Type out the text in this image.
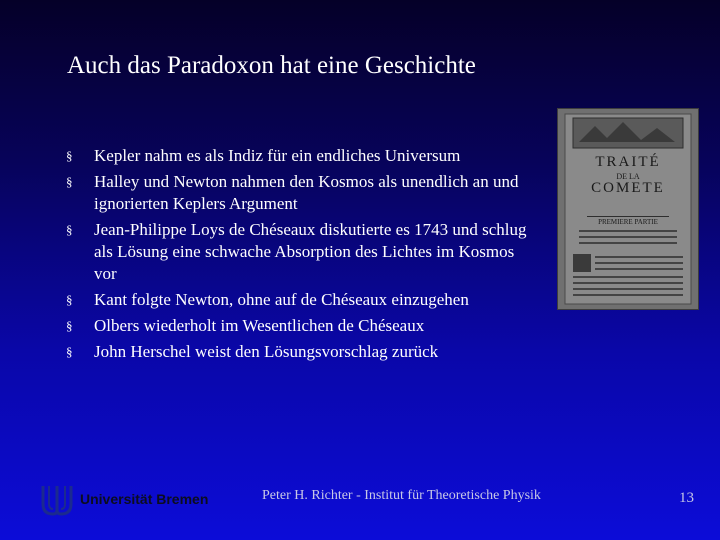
Auch das Paradoxon hat eine Geschichte
§ Kepler nahm es als Indiz für ein endliches Universum
§ Halley und Newton nahmen den Kosmos als unendlich an und ignorierten Keplers Argument
§ Jean-Philippe Loys de Chéseaux diskutierte es 1743 und schlug als Lösung eine schwache Absorption des Lichtes im Kosmos vor
§ Kant folgte Newton, ohne auf de Chéseaux einzugehen
§ Olbers wiederholt im Wesentlichen de Chéseaux
§ John Herschel weist den Lösungsvorschlag zurück
TRAITÉ
DE LA
COMETE
PREMIERE PARTIE
Universität Bremen	Peter H. Richter - Institut für Theoretische Physik	13
